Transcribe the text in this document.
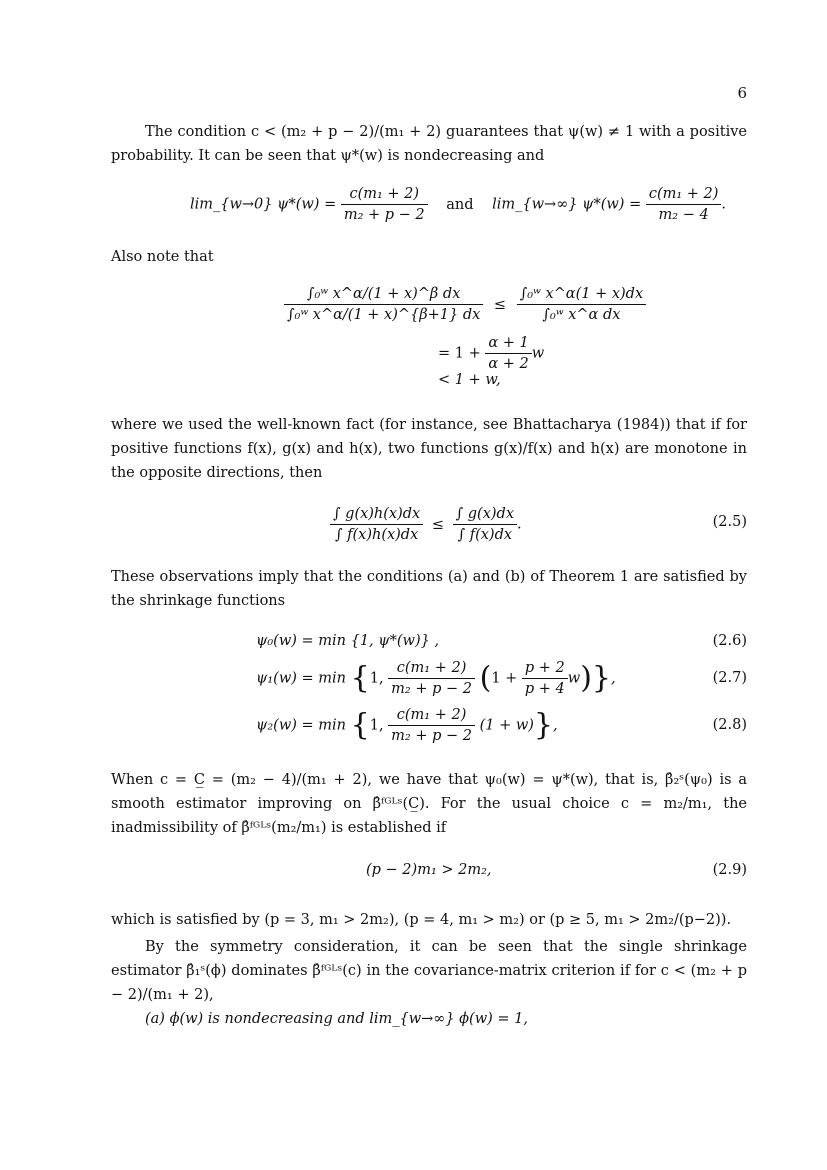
6
The condition c < (m₂ + p − 2)/(m₁ + 2) guarantees that ψ(w) ≠ 1 with a positive probability. It can be seen that ψ*(w) is nondecreasing and
lim_{w→0} $\psi*(w) = \frac{\text{c(m₁ + 2)}}{\text{m₂ + p − 2}}$ and lim_{w→∞} $\psi*(w) = \frac{\text{c(m₁ + 2)}}{\text{m₂ − 4}}$ .
Also note that
$\frac{\text{∫₀ʷ x\textasciicircum{}α/(1 + x)\textasciicircum{}β dx}}{\text{∫₀ʷ x\textasciicircum{}α/(1 + x)\textasciicircum{}\{β+1\} dx}} \le \frac{\text{∫₀ʷ x\textasciicircum{}α(1 + x)dx}}{\text{∫₀ʷ x\textasciicircum{}α dx}}$
= $1 + \frac{\alpha + 1}{\alpha + 2}$ w
< 1 + w,
where we used the well-known fact (for instance, see Bhattacharya (1984)) that if for positive functions f(x), g(x) and h(x), two functions g(x)/f(x) and h(x) are monotone in the opposite directions, then
$\frac{\int g(x)h(x)dx}{\int f(x)h(x)dx} \le \frac{\int g(x)dx}{\int f(x)dx}$ .	(2.5)
These observations imply that the conditions (a) and (b) of Theorem 1 are satisfied by the shrinkage functions
ψ₀(w) = min {1, ψ*(w)} ,	(2.6)
ψ₁(w) = min {1, $\frac{\text{c(m₁ + 2)}}{\text{m₂ + p − 2}} (1 + \frac{p + 2}{p + 4} w)$},	(2.7)
ψ₂(w) = min {1, $\frac{\text{c(m₁ + 2)}}{\text{m₂ + p − 2}} (1 + w)$},	(2.8)
When c = C̲ = (m₂ − 4)/(m₁ + 2), we have that ψ₀(w) = ψ*(w), that is, β̂₂ˢ(ψ₀) is a smooth estimator improving on β̂ᶠᴳᴸˢ(C̲). For the usual choice c = m₂/m₁, the inadmissibility of β̂ᶠᴳᴸˢ(m₂/m₁) is established if
(p − 2)m₁ > 2m₂,	(2.9)
which is satisfied by (p = 3, m₁ > 2m₂), (p = 4, m₁ > m₂) or (p ≥ 5, m₁ > 2m₂/(p−2)).
By the symmetry consideration, it can be seen that the single shrinkage estimator β̂₁ˢ(ϕ) dominates β̂ᶠᴳᴸˢ(c) in the covariance-matrix criterion if for c < (m₂ + p − 2)/(m₁ + 2),
(a) ϕ(w) is nondecreasing and lim_{w→∞} ϕ(w) = 1,
